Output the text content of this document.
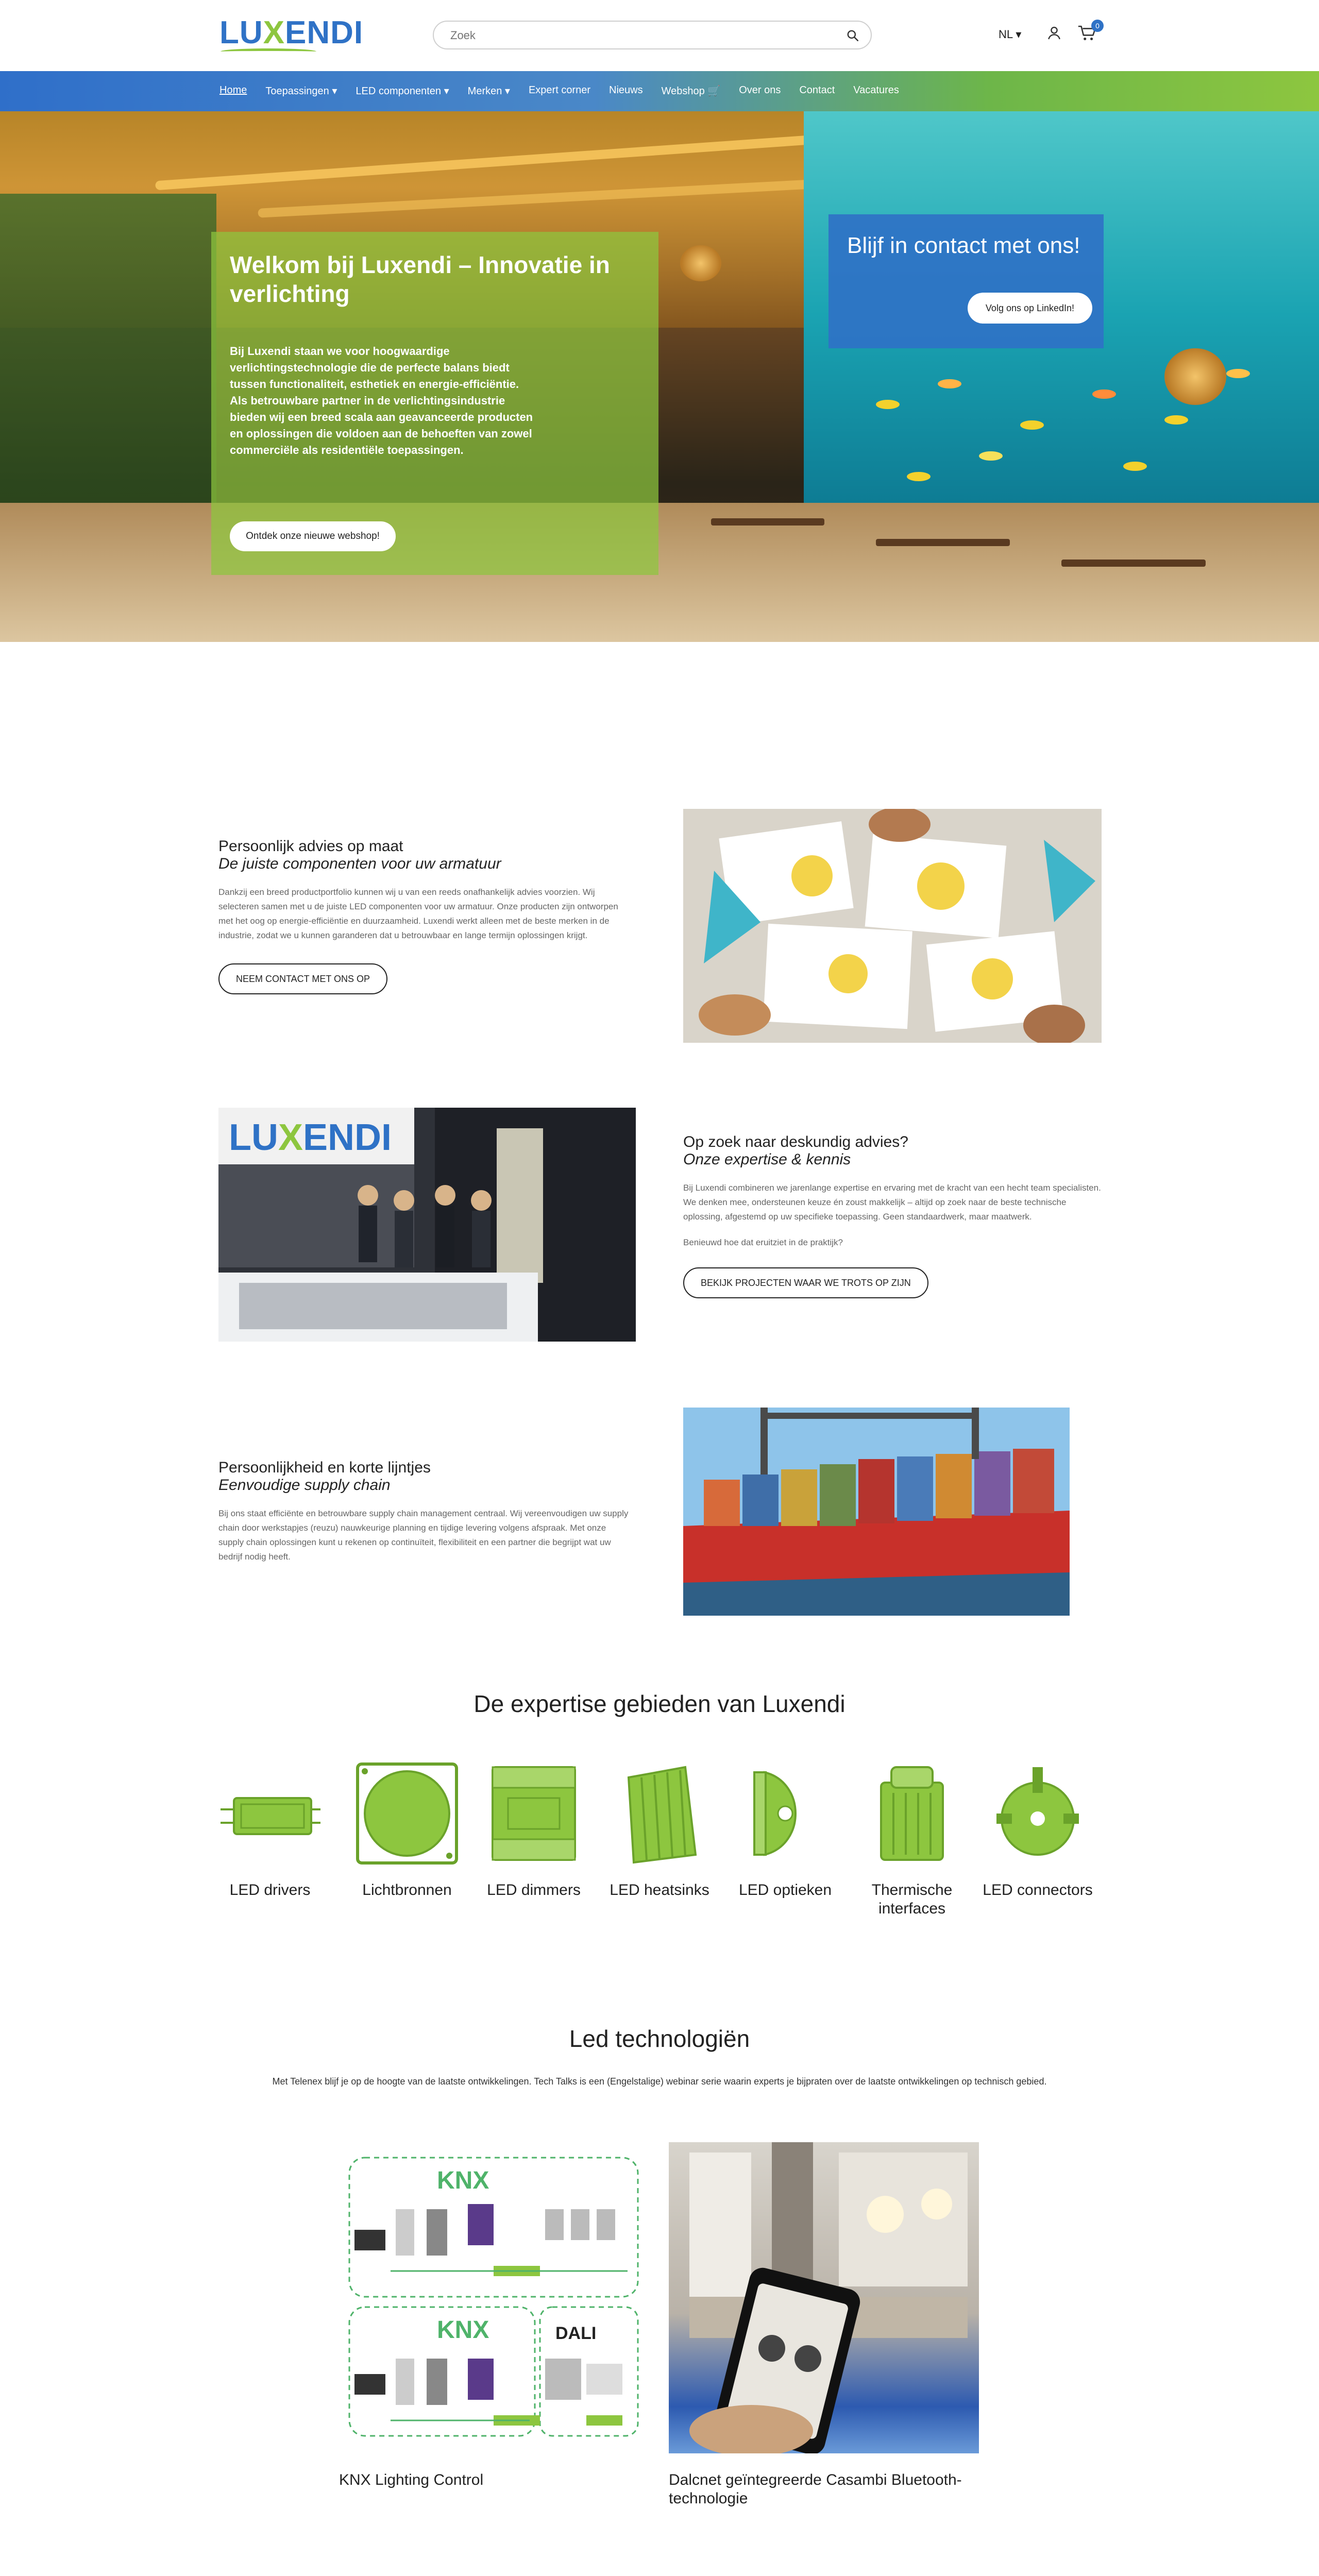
LUXENDI
Zoek	NL ▾
0
Home Toepassingen ▾ LED componenten ▾ Merken ▾ Expert corner Nieuws Webshop 🛒 Over ons Contact Vacatures
Welkom bij Luxendi – Innovatie in verlichting

Bij Luxendi staan we voor hoogwaardige verlichtingstechnologie die de perfecte balans biedt tussen functionaliteit, esthetiek en energie-efficiëntie. Als betrouwbare partner in de verlichtingsindustrie bieden wij een breed scala aan geavanceerde producten en oplossingen die voldoen aan de behoeften van zowel commerciële als residentiële toepassingen.

Ontdek onze nieuwe webshop!
Blijf in contact met ons!
Volg ons op LinkedIn!
Persoonlijk advies op maat
De juiste componenten voor uw armatuur

Dankzij een breed productportfolio kunnen wij u van een reeds onafhankelijk advies voorzien. Wij selecteren samen met u de juiste LED componenten voor uw armatuur. Onze producten zijn ontworpen met het oog op energie-efficiëntie en duurzaamheid. Luxendi werkt alleen met de beste merken in de industrie, zodat we u kunnen garanderen dat u betrouwbaar en lange termijn oplossingen krijgt.

NEEM CONTACT MET ONS OP
LUXENDI	Op zoek naar deskundig advies?
Onze expertise & kennis

Bij Luxendi combineren we jarenlange expertise en ervaring met de kracht van een hecht team specialisten. We denken mee, ondersteunen keuze én zoust makkelijk – altijd op zoek naar de beste technische oplossing, afgestemd op uw specifieke toepassing. Geen standaardwerk, maar maatwerk.

Benieuwd hoe dat eruitziet in de praktijk?

BEKIJK PROJECTEN WAAR WE TROTS OP ZIJN
Persoonlijkheid en korte lijntjes
Eenvoudige supply chain

Bij ons staat efficiënte en betrouwbare supply chain management centraal. Wij vereenvoudigen uw supply chain door werkstapjes (reuzu) nauwkeurige planning en tijdige levering volgens afspraak. Met onze supply chain oplossingen kunt u rekenen op continuïteit, flexibiliteit en een partner die begrijpt wat uw bedrijf nodig heeft.

De expertise gebieden van Luxendi
LED drivers	Lichtbronnen	LED dimmers	LED heatsinks	LED optieken	Thermische interfaces
LED connectors
Led technologiën
Met Telenex blijf je op de hoogte van de laatste ontwikkelingen. Tech Talks is een (Engelstalige) webinar serie waarin experts je bijpraten over de laatste ontwikkelingen op technisch gebied.
KNX
KNX	DALI
KNX Lighting Control	Dalcnet geïntegreerde Casambi Bluetooth-technologie
